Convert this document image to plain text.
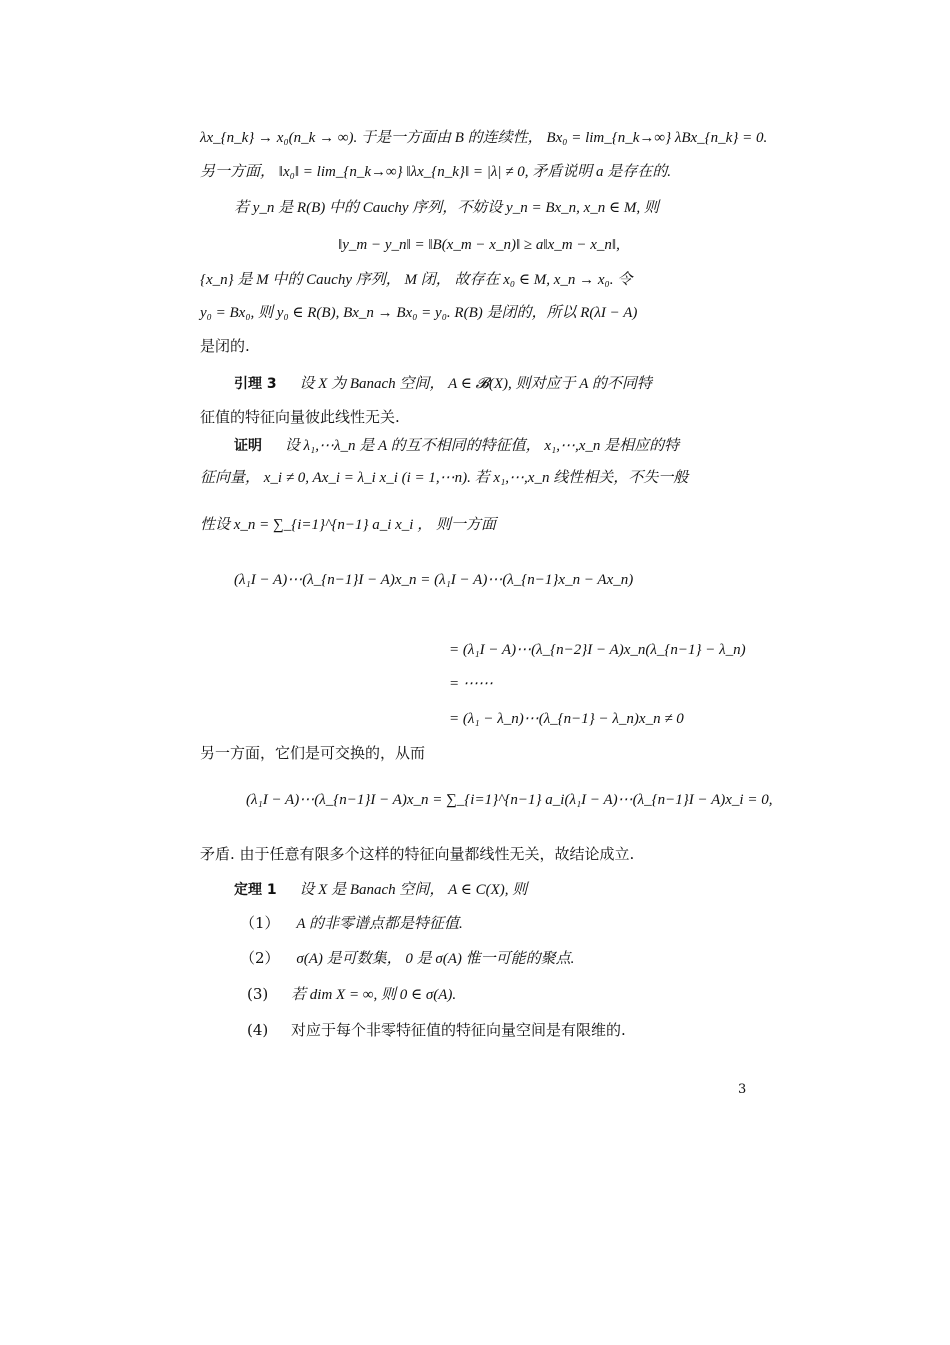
λx_{n_k} → x₀(n_k → ∞). 于是一方面由 B 的连续性， Bx₀ = lim_{n_k→∞} λBx_{n_k} = 0.
另一方面， ‖x₀‖ = lim_{n_k→∞} ‖λx_{n_k}‖ = |λ| ≠ 0, 矛盾说明 a 是存在的.
若 y_n 是 R(B) 中的 Cauchy 序列，不妨设 y_n = Bx_n, x_n ∈ M, 则
‖y_m − y_n‖ = ‖B(x_m − x_n)‖ ≥ a‖x_m − x_n‖,
{x_n} 是 M 中的 Cauchy 序列， M 闭， 故存在 x₀ ∈ M, x_n → x₀. 令
y₀ = Bx₀, 则 y₀ ∈ R(B), Bx_n → Bx₀ = y₀. R(B) 是闭的，所以 R(λI − A)
是闭的.
引理 3 设 X 为 Banach 空间， A ∈ 𝓑(X), 则对应于 A 的不同特
征值的特征向量彼此线性无关.
证明 设 λ₁,⋯λ_n 是 A 的互不相同的特征值， x₁,⋯,x_n 是相应的特
征向量， x_i ≠ 0, Ax_i = λ_i x_i (i = 1,⋯n). 若 x₁,⋯,x_n 线性相关，不失一般
性设 x_n = ∑_{i=1}^{n−1} a_i x_i ， 则一方面
(λ₁I − A)⋯(λ_{n−1}I − A)x_n = (λ₁I − A)⋯(λ_{n−1}x_n − Ax_n)
= (λ₁I − A)⋯(λ_{n−2}I − A)x_n(λ_{n−1} − λ_n)
= ⋯⋯
= (λ₁ − λ_n)⋯(λ_{n−1} − λ_n)x_n ≠ 0
另一方面，它们是可交换的，从而
(λ₁I − A)⋯(λ_{n−1}I − A)x_n = ∑_{i=1}^{n−1} a_i(λ₁I − A)⋯(λ_{n−1}I − A)x_i = 0,
矛盾. 由于任意有限多个这样的特征向量都线性无关，故结论成立.
定理 1 设 X 是 Banach 空间， A ∈ C(X), 则
（1） A 的非零谱点都是特征值.
（2） σ(A) 是可数集， 0 是 σ(A) 惟一可能的聚点.
(3) 若 dim X = ∞, 则 0 ∈ σ(A).
(4) 对应于每个非零特征值的特征向量空间是有限维的.
3
